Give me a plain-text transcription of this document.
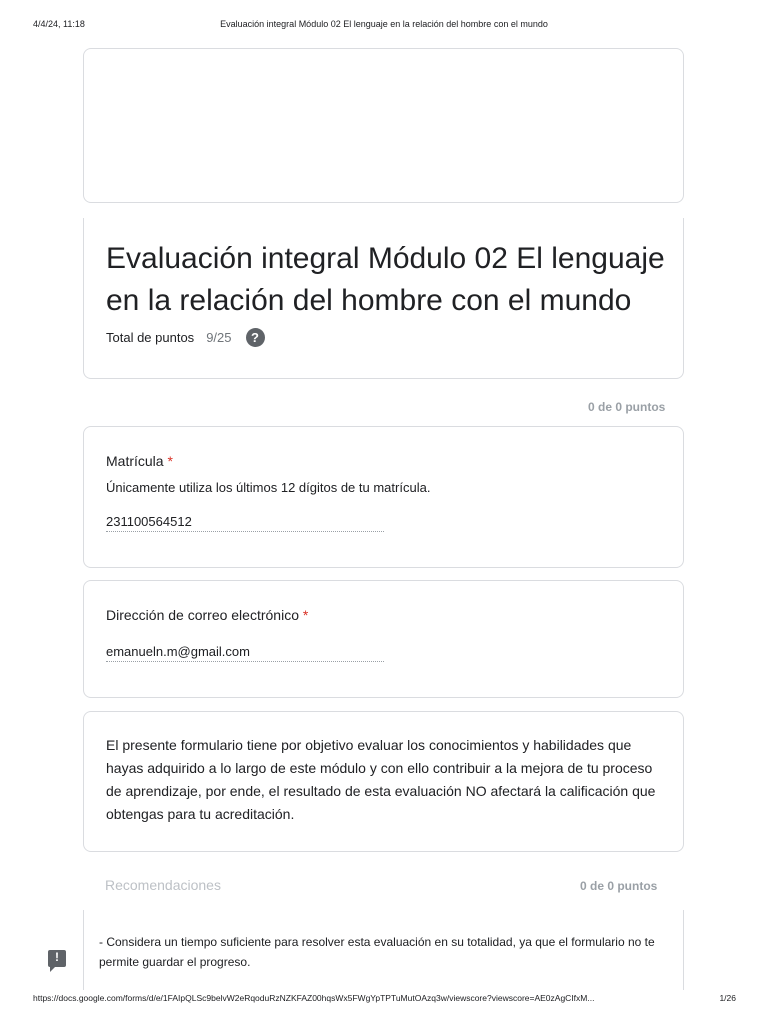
4/4/24, 11:18	Evaluación integral Módulo 02 El lenguaje en la relación del hombre con el mundo
Evaluación integral Módulo 02 El lenguaje en la relación del hombre con el mundo
Total de puntos 9/25	?
0 de 0 puntos
Matrícula *
Únicamente utiliza los últimos 12 dígitos de tu matrícula.
231100564512
Dirección de correo electrónico *
emanueln.m@gmail.com

El presente formulario tiene por objetivo evaluar los conocimientos y habilidades que hayas adquirido a lo largo de este módulo y con ello contribuir a la mejora de tu proceso de aprendizaje, por ende, el resultado de esta evaluación NO afectará la calificación que obtengas para tu acreditación.

Recomendaciones	0 de 0 puntos

- Considera un tiempo suficiente para resolver esta evaluación en su totalidad, ya que el formulario no te permite guardar el progreso.

!
https://docs.google.com/forms/d/e/1FAIpQLSc9belvW2eRqoduRzNZKFAZ00hqsWx5FWgYpTPTuMutOAzq3w/viewscore?viewscore=AE0zAgCIfxM...	1/26
